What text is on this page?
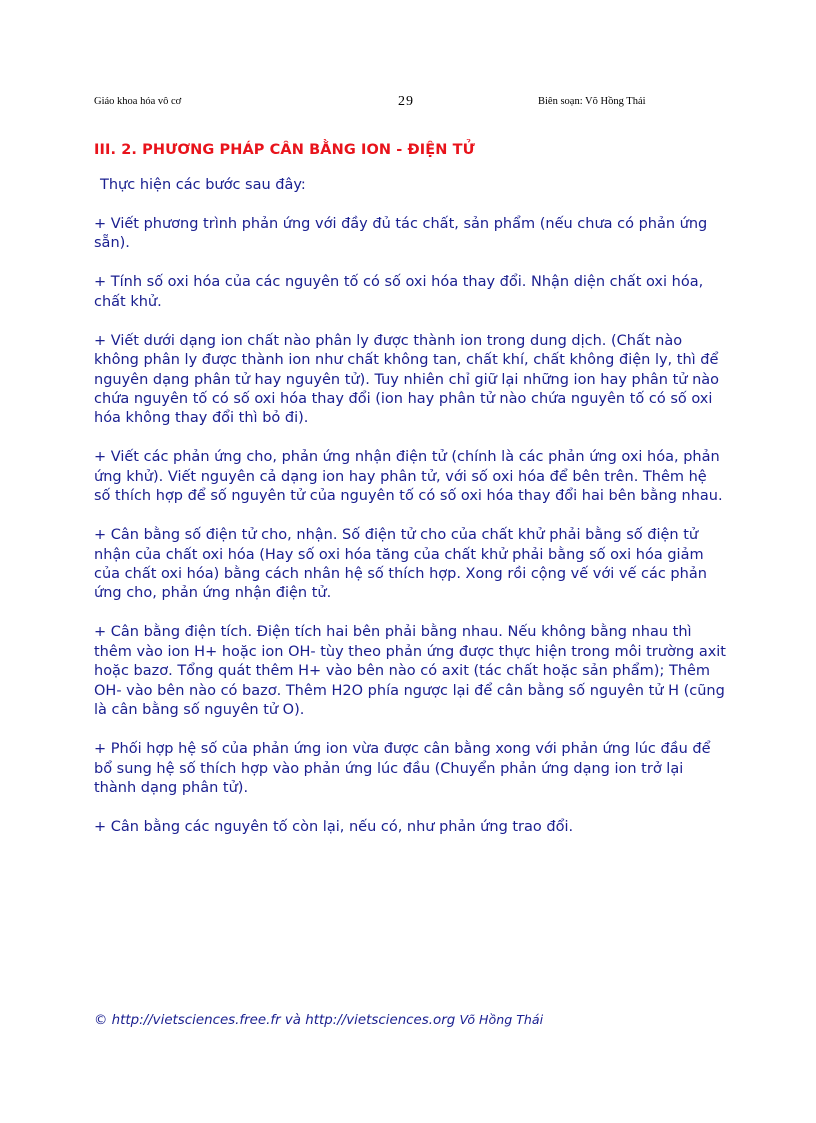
Giáo khoa hóa vô cơ	29	Biên soạn: Võ Hồng Thái
III. 2. PHƯƠNG PHÁP CÂN BẰNG ION - ĐIỆN TỬ

Thực hiện các bước sau đây:

+ Viết phương trình phản ứng với đầy đủ tác chất, sản phẩm (nếu chưa có phản ứng sẵn).

+ Tính số oxi hóa của các nguyên tố có số oxi hóa thay đổi. Nhận diện chất oxi hóa, chất khử.

+ Viết dưới dạng ion chất nào phân ly được thành ion trong dung dịch. (Chất nào không phân ly được thành ion như chất không tan, chất khí, chất không điện ly, thì để nguyên dạng phân tử hay nguyên tử). Tuy nhiên chỉ giữ lại những ion hay phân tử nào chứa nguyên tố có số oxi hóa thay đổi (ion hay phân tử nào chứa nguyên tố có số oxi hóa không thay đổi thì bỏ đi).

+ Viết các phản ứng cho, phản ứng nhận điện tử (chính là các phản ứng oxi hóa, phản ứng khử). Viết nguyên cả dạng ion hay phân tử, với số oxi hóa để bên trên. Thêm hệ số thích hợp để số nguyên tử của nguyên tố có số oxi hóa thay đổi hai bên bằng nhau.

+ Cân bằng số điện tử cho, nhận. Số điện tử cho của chất khử phải bằng số điện tử nhận của chất oxi hóa (Hay số oxi hóa tăng của chất khử phải bằng số oxi hóa giảm của chất oxi hóa) bằng cách nhân hệ số thích hợp. Xong rồi cộng vế với vế các phản ứng cho, phản ứng nhận điện tử.

+ Cân bằng điện tích. Điện tích hai bên phải bằng nhau. Nếu không bằng nhau thì thêm vào ion H+ hoặc ion OH- tùy theo phản ứng được thực hiện trong môi trường axit hoặc bazơ. Tổng quát thêm H+ vào bên nào có axit (tác chất hoặc sản phẩm); Thêm OH- vào bên nào có bazơ. Thêm H2O phía ngược lại để cân bằng số nguyên tử H (cũng là cân bằng số nguyên tử O).

+ Phối hợp hệ số của phản ứng ion vừa được cân bằng xong với phản ứng lúc đầu để bổ sung hệ số thích hợp vào phản ứng lúc đầu (Chuyển phản ứng dạng ion trở lại thành dạng phân tử).

+ Cân bằng các nguyên tố còn lại, nếu có, như phản ứng trao đổi.

© http://vietsciences.free.fr và http://vietsciences.org Võ Hồng Thái
